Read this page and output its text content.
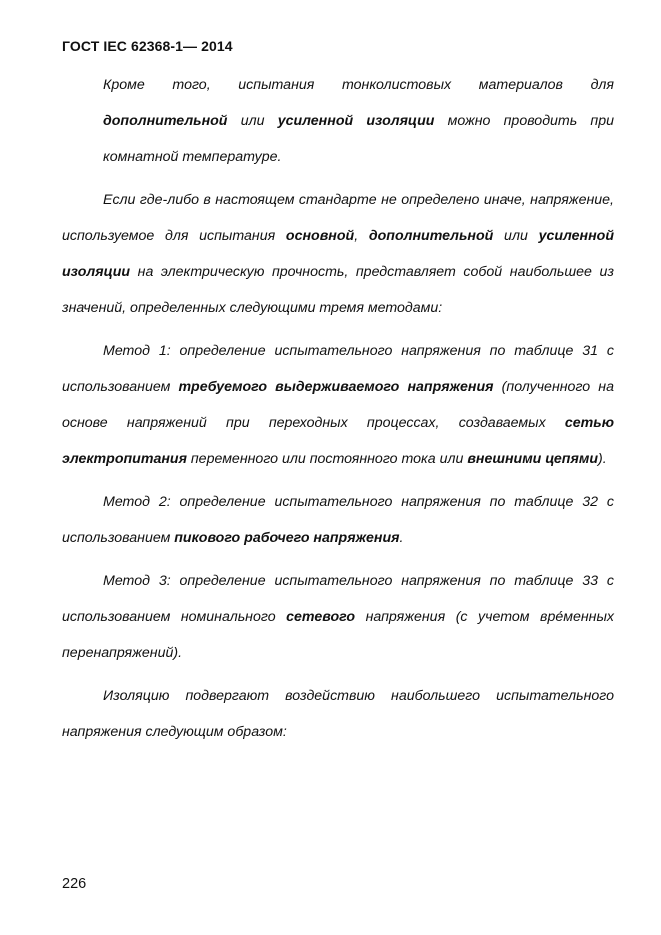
ГОСТ IEC 62368-1— 2014

Кроме того, испытания тонколистовых материалов для дополнительной или усиленной изоляции можно проводить при комнатной температуре.

Если где-либо в настоящем стандарте не определено иначе, напряжение, используемое для испытания основной, дополнительной или усиленной изоляции на электрическую прочность, представляет собой наибольшее из значений, определенных следующими тремя методами:

Метод 1: определение испытательного напряжения по таблице 31 с использованием требуемого выдерживаемого напряжения (полученного на основе напряжений при переходных процессах, создаваемых сетью электропитания переменного или постоянного тока или внешними цепями).

Метод 2: определение испытательного напряжения по таблице 32 с использованием пикового рабочего напряжения.

Метод 3: определение испытательного напряжения по таблице 33 с использованием номинального сетевого напряжения (с учетом вре́менных перенапряжений).

Изоляцию подвергают воздействию наибольшего испытательного напряжения следующим образом:

226
